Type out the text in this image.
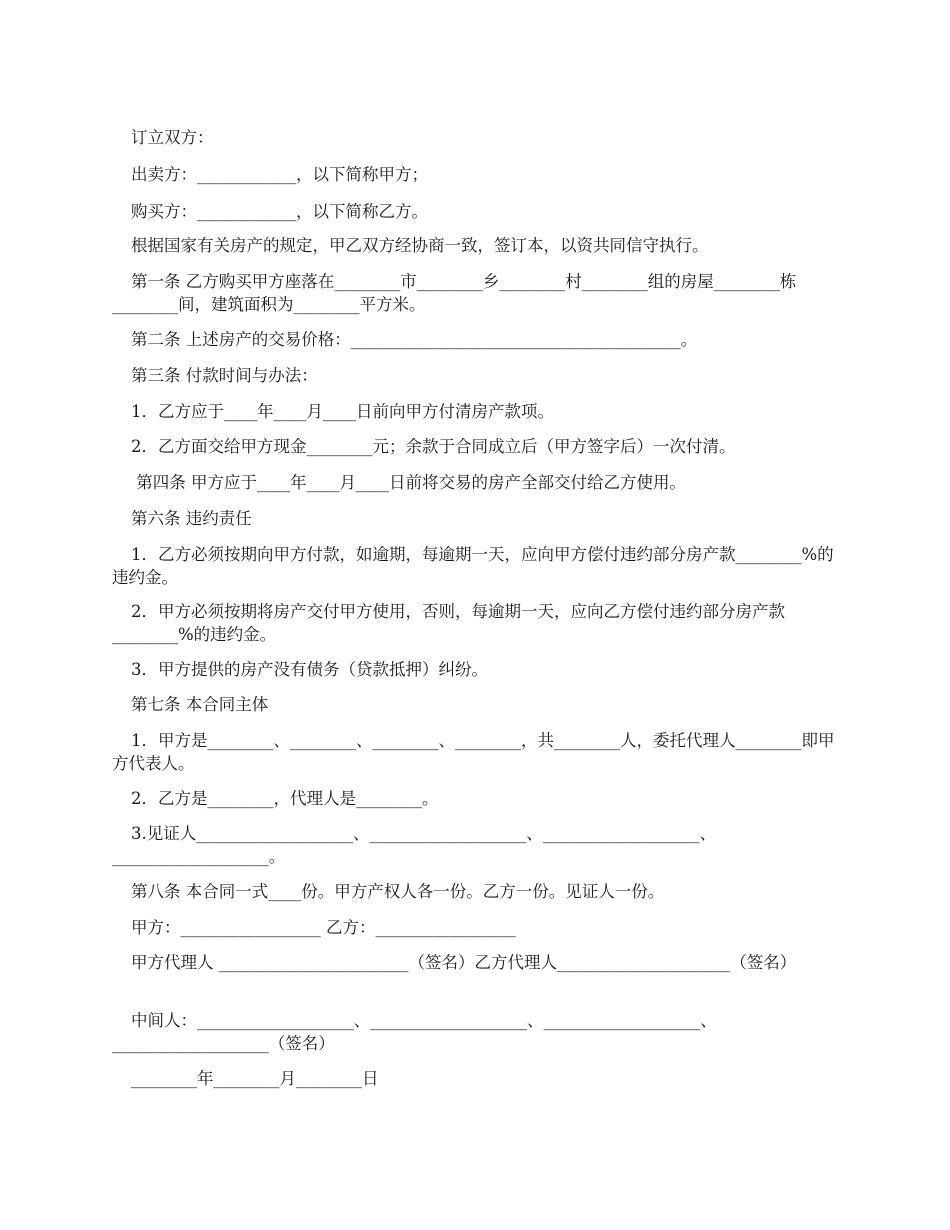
订立双方：
出卖方：____________，以下简称甲方；
购买方：____________，以下简称乙方。
根据国家有关房产的规定，甲乙双方经协商一致，签订本，以资共同信守执行。
第一条 乙方购买甲方座落在________市________乡________村________组的房屋________栋________间，建筑面积为________平方米。
第二条 上述房产的交易价格：________________________________________。
第三条 付款时间与办法：
1．乙方应于____年____月____日前向甲方付清房产款项。
2．乙方面交给甲方现金________元；余款于合同成立后（甲方签字后）一次付清。
第四条 甲方应于____年____月____日前将交易的房产全部交付给乙方使用。
第六条 违约责任
1．乙方必须按期向甲方付款，如逾期，每逾期一天，应向甲方偿付违约部分房产款________%的违约金。
2．甲方必须按期将房产交付甲方使用，否则，每逾期一天，应向乙方偿付违约部分房产款________%的违约金。
3．甲方提供的房产没有债务（贷款抵押）纠纷。
第七条 本合同主体
1．甲方是________、________、________、________，共________人，委托代理人________即甲方代表人。
2．乙方是________，代理人是________。
3.见证人___________________、___________________、___________________、___________________。
第八条 本合同一式____份。甲方产权人各一份。乙方一份。见证人一份。
甲方：_________________ 乙方：_________________
甲方代理人 _______________________（签名）乙方代理人_____________________（签名）
中间人：___________________、___________________、___________________、___________________（签名）
________年________月________日
